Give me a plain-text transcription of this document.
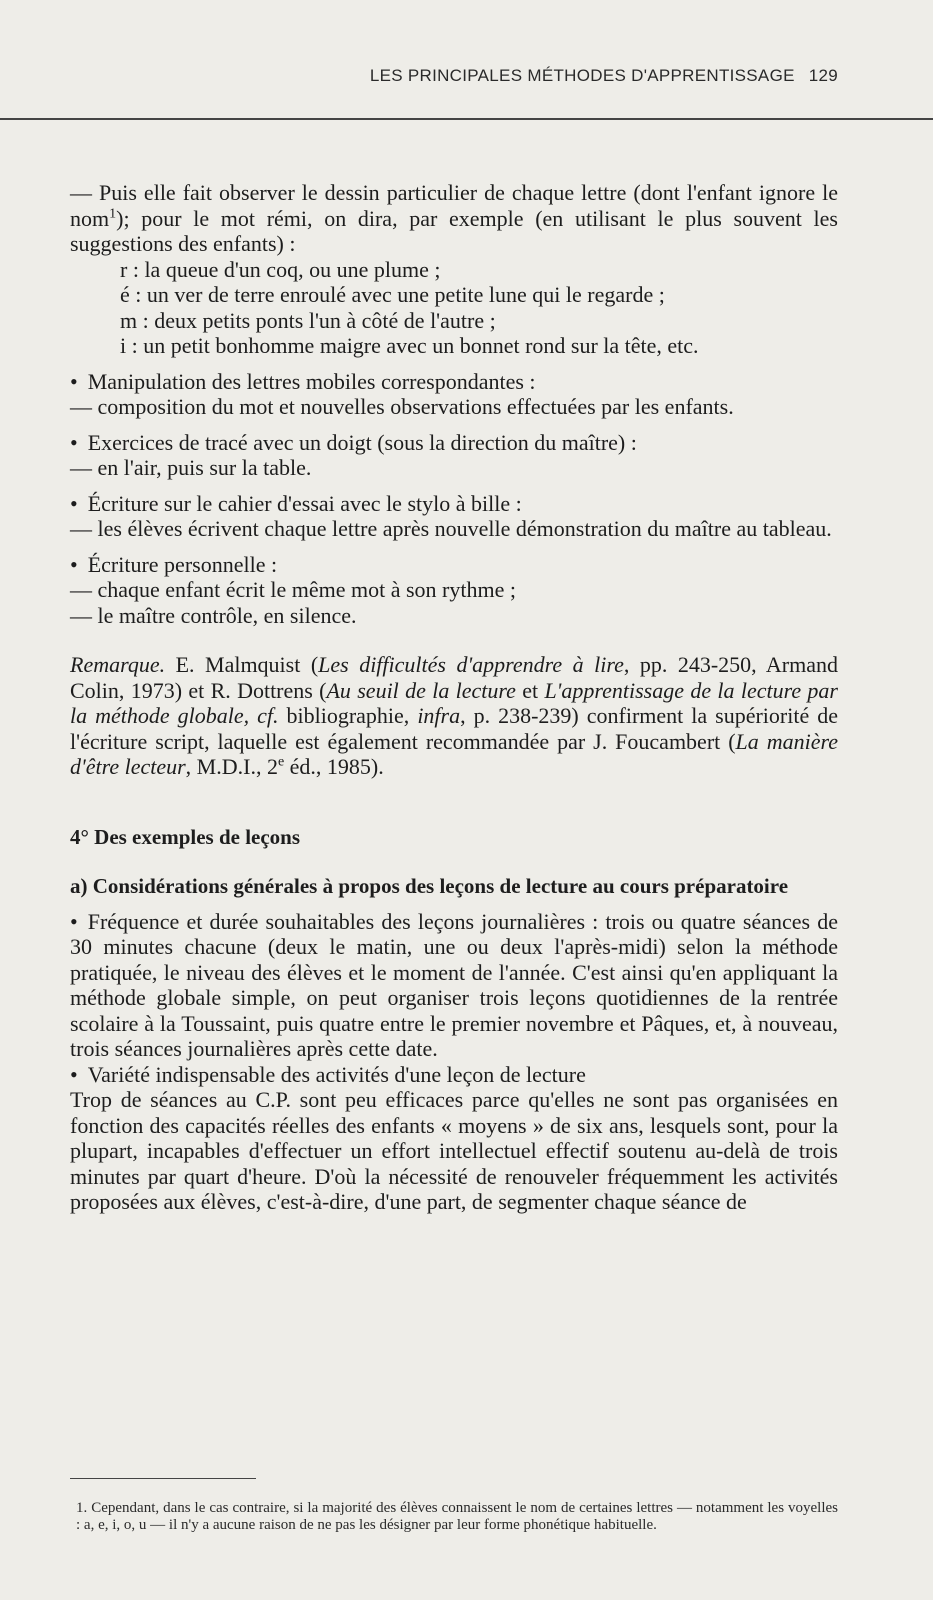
LES PRINCIPALES MÉTHODES D'APPRENTISSAGE 129

— Puis elle fait observer le dessin particulier de chaque lettre (dont l'enfant ignore le nom$^1$); pour le mot rémi, on dira, par exemple (en utilisant le plus souvent les suggestions des enfants) :

r : la queue d'un coq, ou une plume ;
é : un ver de terre enroulé avec une petite lune qui le regarde ;
m : deux petits ponts l'un à côté de l'autre ;
i : un petit bonhomme maigre avec un bonnet rond sur la tête, etc.

• Manipulation des lettres mobiles correspondantes :

— composition du mot et nouvelles observations effectuées par les enfants.

• Exercices de tracé avec un doigt (sous la direction du maître) :

— en l'air, puis sur la table.

• Écriture sur le cahier d'essai avec le stylo à bille :

— les élèves écrivent chaque lettre après nouvelle démonstration du maître au tableau.

• Écriture personnelle :

— chaque enfant écrit le même mot à son rythme ;

— le maître contrôle, en silence.

Remarque. E. Malmquist (Les difficultés d'apprendre à lire, pp. 243-250, Armand Colin, 1973) et R. Dottrens (Au seuil de la lecture et L'apprentissage de la lecture par la méthode globale, cf. bibliographie, infra, p. 238-239) confirment la supériorité de l'écriture script, laquelle est également recommandée par J. Foucambert (La manière d'être lecteur, M.D.I., 2e éd., 1985).

4° Des exemples de leçons
a) Considérations générales à propos des leçons de lecture au cours préparatoire

• Fréquence et durée souhaitables des leçons journalières : trois ou quatre séances de 30 minutes chacune (deux le matin, une ou deux l'après-midi) selon la méthode pratiquée, le niveau des élèves et le moment de l'année. C'est ainsi qu'en appliquant la méthode globale simple, on peut organiser trois leçons quotidiennes de la rentrée scolaire à la Toussaint, puis quatre entre le premier novembre et Pâques, et, à nouveau, trois séances journalières après cette date.

• Variété indispensable des activités d'une leçon de lecture

Trop de séances au C.P. sont peu efficaces parce qu'elles ne sont pas organisées en fonction des capacités réelles des enfants « moyens » de six ans, lesquels sont, pour la plupart, incapables d'effectuer un effort intellectuel effectif soutenu au-delà de trois minutes par quart d'heure. D'où la nécessité de renouveler fréquemment les activités proposées aux élèves, c'est-à-dire, d'une part, de segmenter chaque séance de

1. Cependant, dans le cas contraire, si la majorité des élèves connaissent le nom de certaines lettres — notamment les voyelles : a, e, i, o, u — il n'y a aucune raison de ne pas les désigner par leur forme phonétique habituelle.
